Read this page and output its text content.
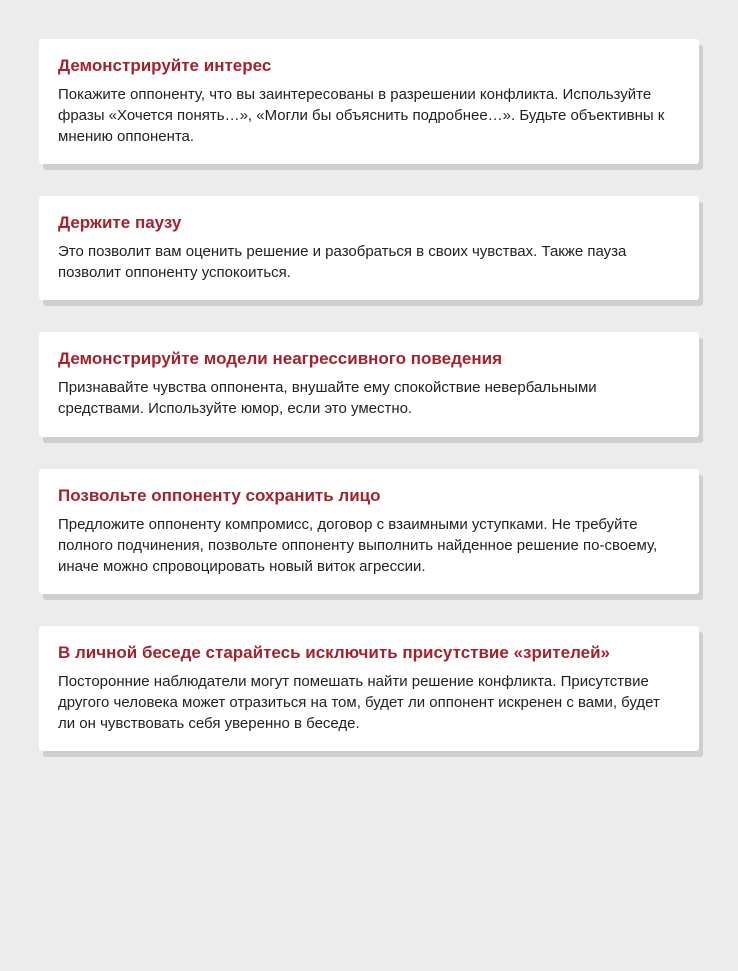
Демонстрируйте интерес

Покажите оппоненту, что вы заинтересованы в разрешении конфликта. Используйте фразы «Хочется понять…», «Могли бы объяснить подробнее…». Будьте объективны к мнению оппонента.

Держите паузу

Это позволит вам оценить решение и разобраться в своих чувствах. Также пауза позволит оппоненту успокоиться.

Демонстрируйте модели неагрессивного поведения

Признавайте чувства оппонента, внушайте ему спокойствие невербальными средствами. Используйте юмор, если это уместно.

Позвольте оппоненту сохранить лицо

Предложите оппоненту компромисс, договор с взаимными уступками. Не требуйте полного подчинения, позвольте оппоненту выполнить найденное решение по-своему, иначе можно спровоцировать новый виток агрессии.

В личной беседе старайтесь исключить присутствие «зрителей»

Посторонние наблюдатели могут помешать найти решение конфликта. Присутствие другого человека может отразиться на том, будет ли оппонент искренен с вами, будет ли он чувствовать себя уверенно в беседе.
